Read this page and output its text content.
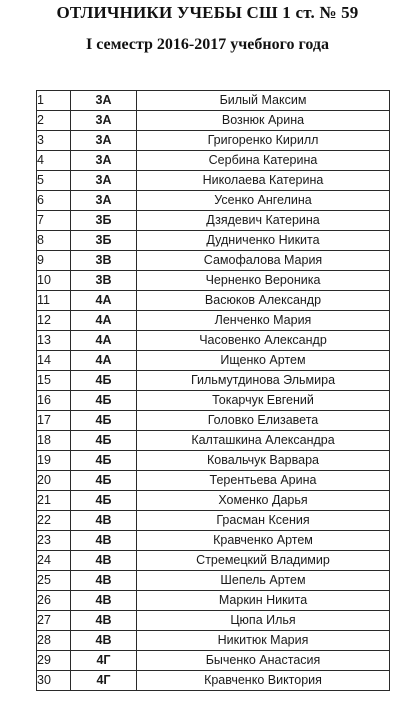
ОТЛИЧНИКИ УЧЕБЫ СШ 1 ст. № 59
I семестр 2016-2017 учебного года
1	3А	Билый Максим
2	3А	Вознюк Арина
3	3А	Григоренко Кирилл
4	3А	Сербина Катерина
5	3А	Николаева Катерина
6	3А	Усенко Ангелина
7	3Б	Дзядевич Катерина
8	3Б	Дудниченко Никита
9	3В	Самофалова Мария
10	3В	Черненко Вероника
11	4А	Васюков Александр
12	4А	Ленченко Мария
13	4А	Часовенко Александр
14	4А	Ищенко Артем
15	4Б	Гильмутдинова Эльмира
16	4Б	Токарчук Евгений
17	4Б	Головко Елизавета
18	4Б	Калташкина Александра
19	4Б	Ковальчук Варвара
20	4Б	Терентьева Арина
21	4Б	Хоменко Дарья
22	4В	Грасман Ксения
23	4В	Кравченко Артем
24	4В	Стремецкий Владимир
25	4В	Шепель Артем
26	4В	Маркин Никита
27	4В	Цюпа Илья
28	4В	Никитюк Мария
29	4Г	Быченко Анастасия
30	4Г	Кравченко Виктория
